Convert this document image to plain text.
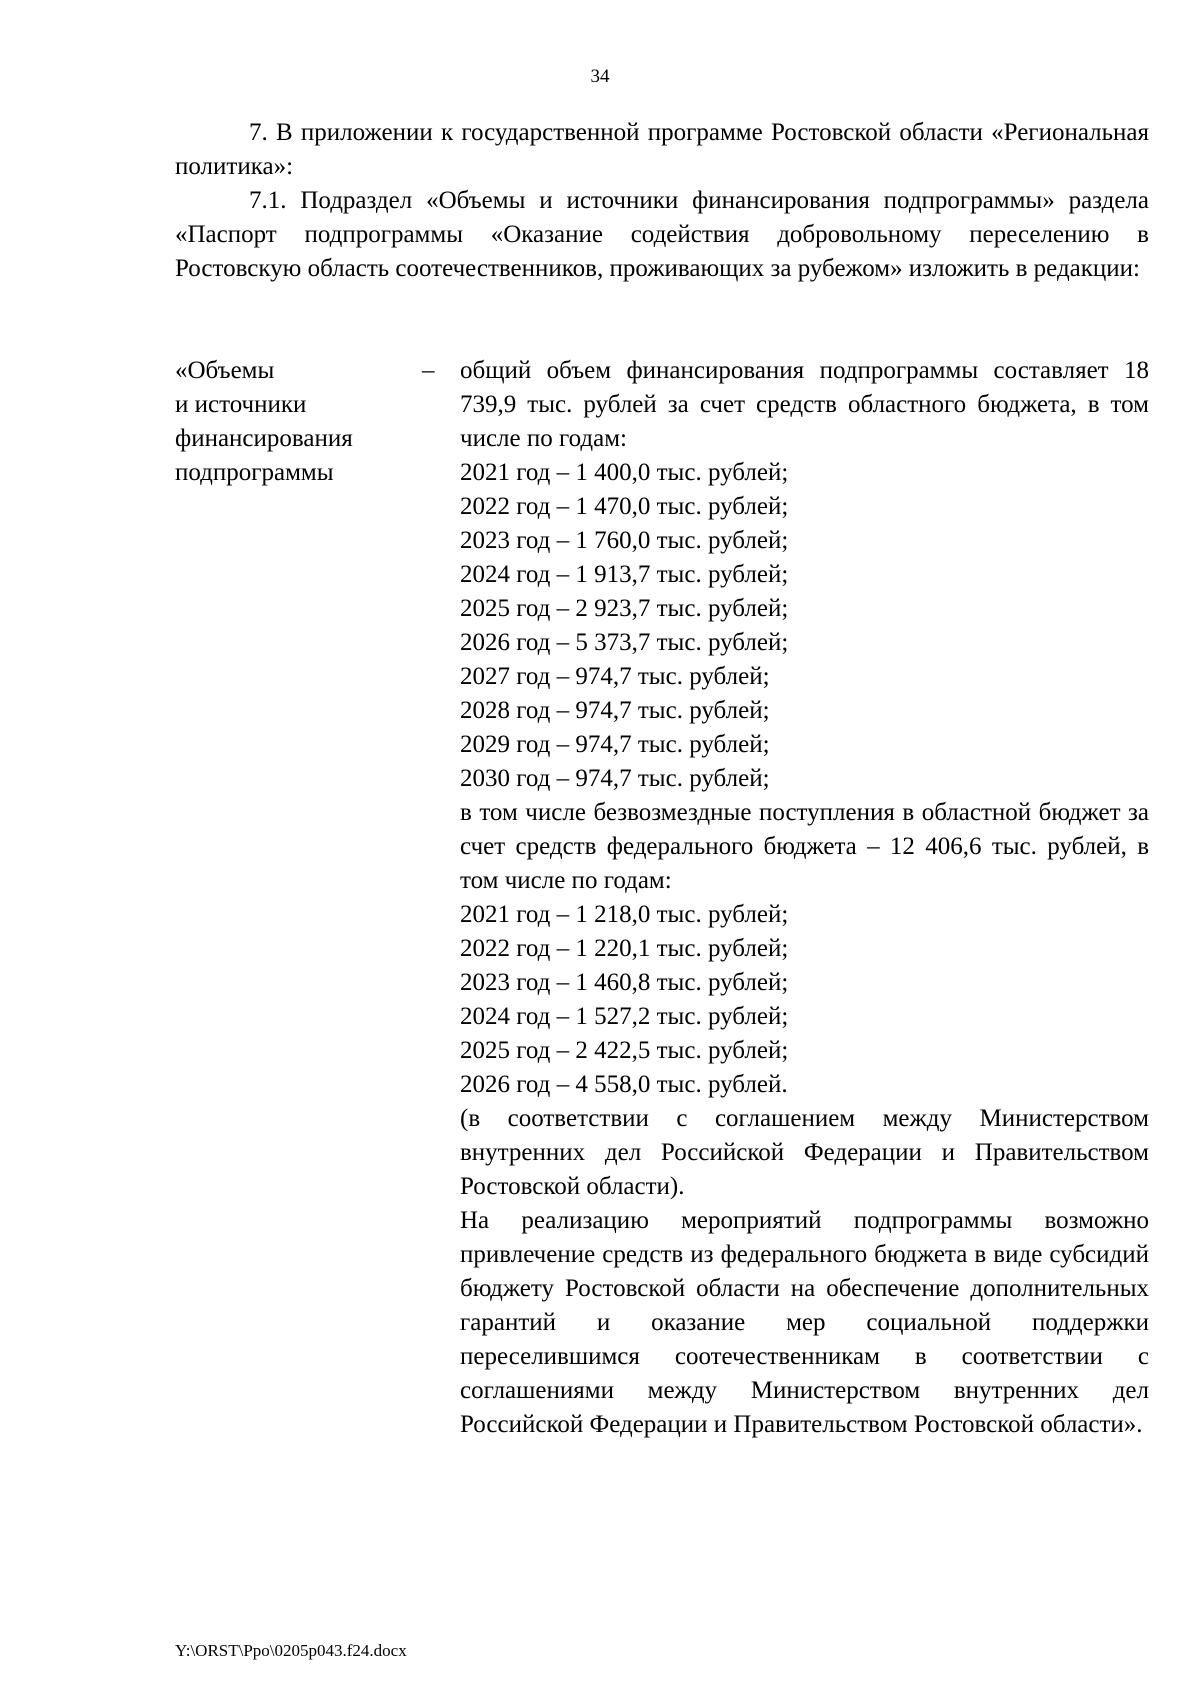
34

7. В приложении к государственной программе Ростовской области «Региональная политика»:

7.1. Подраздел «Объемы и источники финансирования подпрограммы» раздела «Паспорт подпрограммы «Оказание содействия добровольному переселению в Ростовскую область соотечественников, проживающих за рубежом» изложить в редакции:

«Объемы
и источники
финансирования
подпрограммы
– общий объем финансирования подпрограммы составляет 18 739,9 тыс. рублей за счет средств областного бюджета, в том числе по годам:

2021 год – 1 400,0 тыс. рублей;
2022 год – 1 470,0 тыс. рублей;
2023 год – 1 760,0 тыс. рублей;
2024 год – 1 913,7 тыс. рублей;
2025 год – 2 923,7 тыс. рублей;
2026 год – 5 373,7 тыс. рублей;
2027 год – 974,7 тыс. рублей;
2028 год – 974,7 тыс. рублей;
2029 год – 974,7 тыс. рублей;
2030 год – 974,7 тыс. рублей;

в том числе безвозмездные поступления в областной бюджет за счет средств федерального бюджета – 12 406,6 тыс. рублей, в том числе по годам:

2021 год – 1 218,0 тыс. рублей;
2022 год – 1 220,1 тыс. рублей;
2023 год – 1 460,8 тыс. рублей;
2024 год – 1 527,2 тыс. рублей;
2025 год – 2 422,5 тыс. рублей;
2026 год – 4 558,0 тыс. рублей.

(в соответствии с соглашением между Министерством внутренних дел Российской Федерации и Правительством Ростовской области).

На реализацию мероприятий подпрограммы возможно привлечение средств из федерального бюджета в виде субсидий бюджету Ростовской области на обеспечение дополнительных гарантий и оказание мер социальной поддержки переселившимся соотечественникам в соответствии с соглашениями между Министерством внутренних дел Российской Федерации и Правительством Ростовской области».

Y:\ORST\Ppo\0205p043.f24.docx
